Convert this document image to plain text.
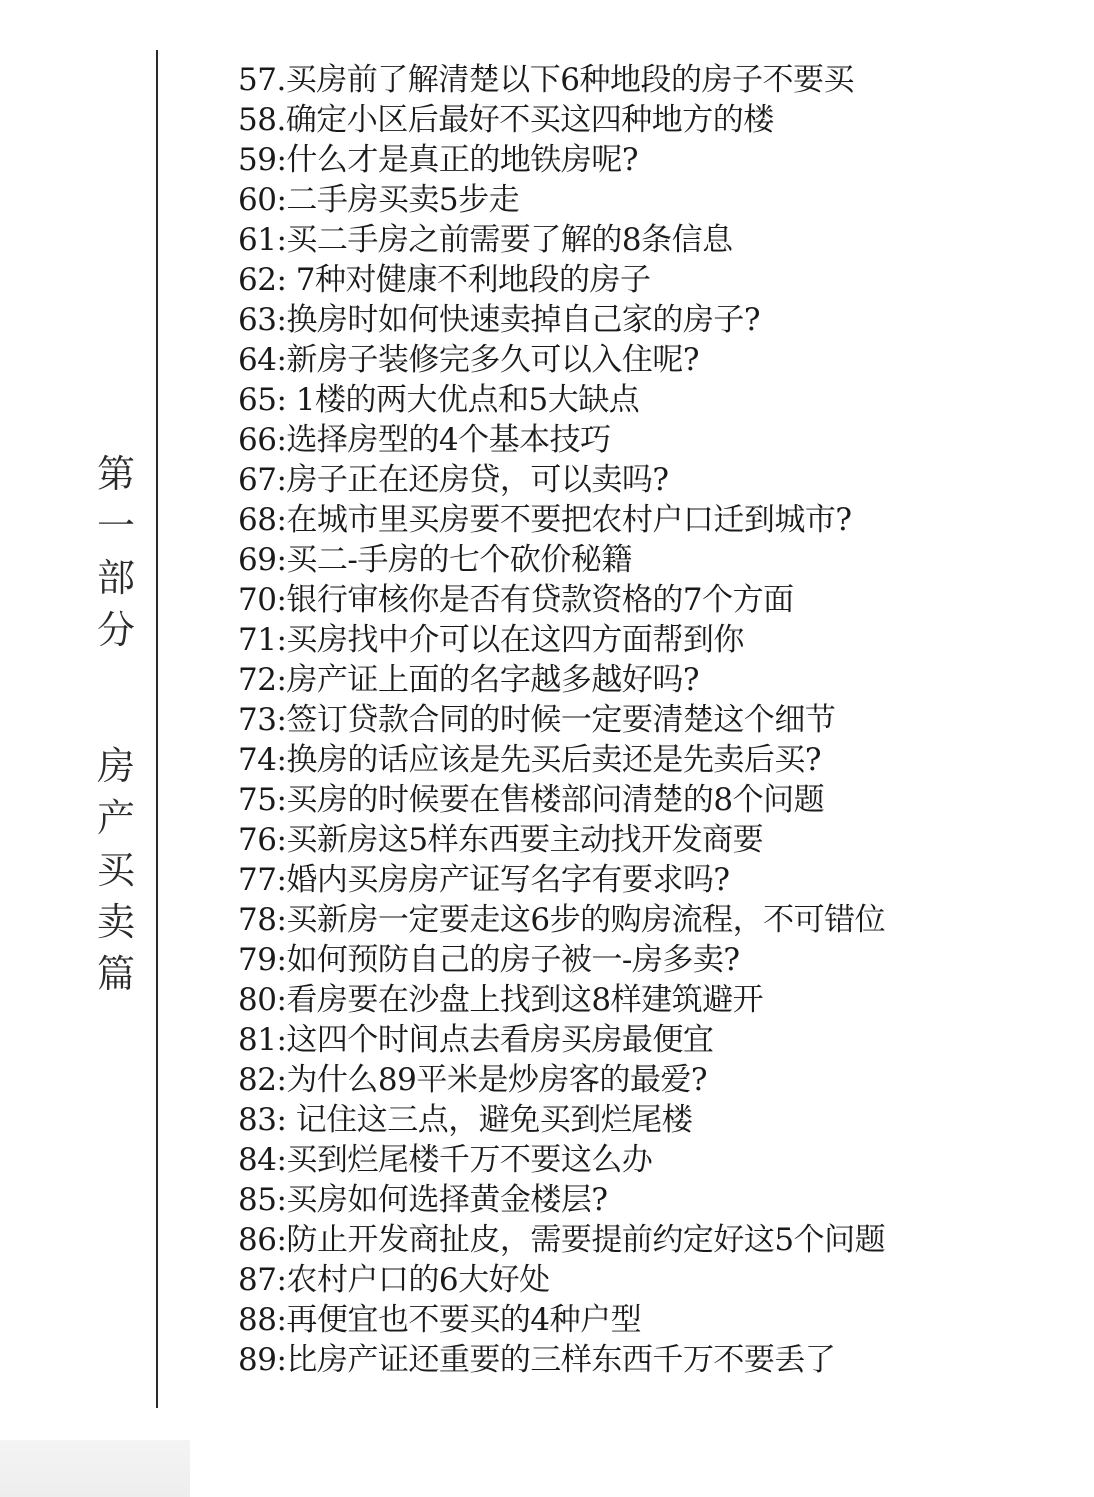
第
一
部
分
房
产
买
卖
篇
57.买房前了解清楚以下6种地段的房子不要买
58.确定小区后最好不买这四种地方的楼
59:什么才是真正的地铁房呢?
60:二手房买卖5步走
61:买二手房之前需要了解的8条信息
62: 7种对健康不利地段的房子
63:换房时如何快速卖掉自己家的房子?
64:新房子装修完多久可以入住呢?
65: 1楼的两大优点和5大缺点
66:选择房型的4个基本技巧
67:房子正在还房贷，可以卖吗?
68:在城市里买房要不要把农村户口迁到城市?
69:买二-手房的七个砍价秘籍
70:银行审核你是否有贷款资格的7个方面
71:买房找中介可以在这四方面帮到你
72:房产证上面的名字越多越好吗?
73:签订贷款合同的时候一定要清楚这个细节
74:换房的话应该是先买后卖还是先卖后买?
75:买房的时候要在售楼部问清楚的8个问题
76:买新房这5样东西要主动找开发商要
77:婚内买房房产证写名字有要求吗?
78:买新房一定要走这6步的购房流程，不可错位
79:如何预防自己的房子被一-房多卖?
80:看房要在沙盘上找到这8样建筑避开
81:这四个时间点去看房买房最便宜
82:为什么89平米是炒房客的最爱?
83: 记住这三点，避免买到烂尾楼
84:买到烂尾楼千万不要这么办
85:买房如何选择黄金楼层?
86:防止开发商扯皮，需要提前约定好这5个问题
87:农村户口的6大好处
88:再便宜也不要买的4种户型
89:比房产证还重要的三样东西千万不要丢了
